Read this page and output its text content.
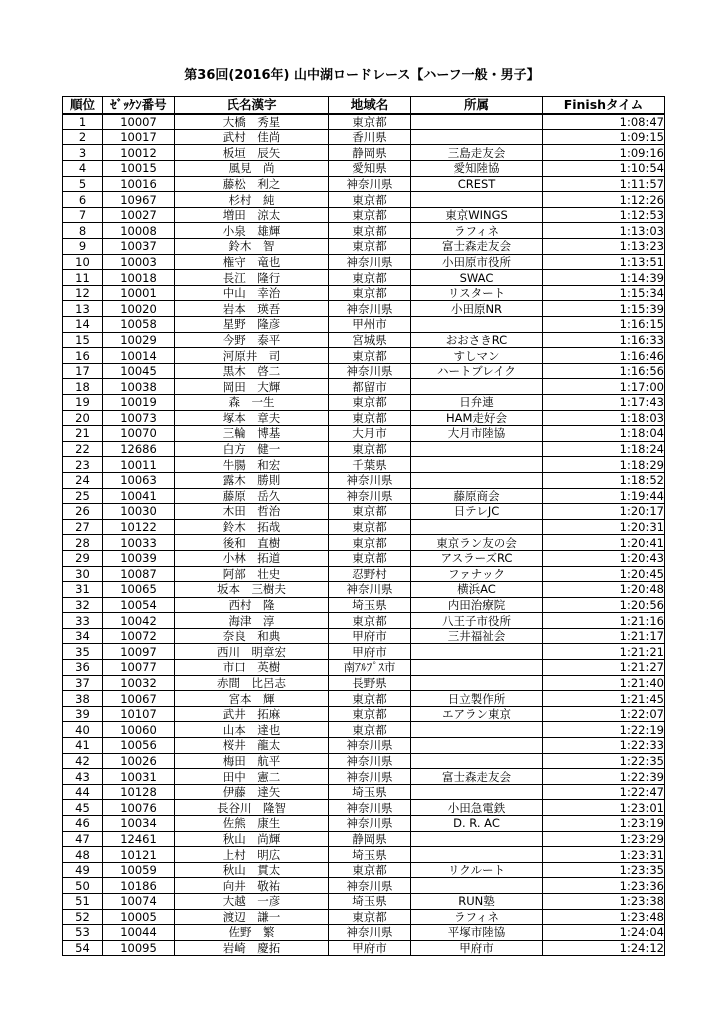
第36回(2016年) 山中湖ロードレース【ハーフ一般・男子】
順位	ｾﾞｯｹﾝ番号	氏名漢字	地域名	所属	Finishタイム
1	10007	大橋　秀星	東京都		1:08:47
2	10017	武村　佳尚	香川県		1:09:15
3	10012	板垣　辰矢	静岡県	三島走友会	1:09:16
4	10015	風見　尚	愛知県	愛知陸協	1:10:54
5	10016	藤松　利之	神奈川県	CREST	1:11:57
6	10967	杉村　純	東京都		1:12:26
7	10027	増田　涼太	東京都	東京WINGS	1:12:53
8	10008	小泉　雄輝	東京都	ラフィネ	1:13:03
9	10037	鈴木　智	東京都	富士森走友会	1:13:23
10	10003	権守　竜也	神奈川県	小田原市役所	1:13:51
11	10018	長江　隆行	東京都	SWAC	1:14:39
12	10001	中山　幸治	東京都	リスタート	1:15:34
13	10020	岩本　瑛吾	神奈川県	小田原NR	1:15:39
14	10058	星野　隆彦	甲州市		1:16:15
15	10029	今野　泰平	宮城県	おおさきRC	1:16:33
16	10014	河原井　司	東京都	すしマン	1:16:46
17	10045	黒木　啓二	神奈川県	ハートブレイク	1:16:56
18	10038	岡田　大輝	都留市		1:17:00
19	10019	森　一生	東京都	日弁連	1:17:43
20	10073	塚本　章夫	東京都	HAM走好会	1:18:03
21	10070	三輪　博基	大月市	大月市陸協	1:18:04
22	12686	白方　健一	東京都		1:18:24
23	10011	牛腸　和宏	千葉県		1:18:29
24	10063	露木　勝則	神奈川県		1:18:52
25	10041	藤原　岳久	神奈川県	藤原商会	1:19:44
26	10030	木田　哲治	東京都	日テレJC	1:20:17
27	10122	鈴木　拓哉	東京都		1:20:31
28	10033	後和　直樹	東京都	東京ラン友の会	1:20:41
29	10039	小林　拓道	東京都	アスラーズRC	1:20:43
30	10087	阿部　壮史	忍野村	ファナック	1:20:45
31	10065	坂本　三樹夫	神奈川県	横浜AC	1:20:48
32	10054	西村　隆	埼玉県	内田治療院	1:20:56
33	10042	海津　淳	東京都	八王子市役所	1:21:16
34	10072	奈良　和典	甲府市	三井福祉会	1:21:17
35	10097	西川　明章宏	甲府市		1:21:21
36	10077	市口　英樹	南ｱﾙﾌﾟｽ市		1:21:27
37	10032	赤間　比呂志	長野県		1:21:40
38	10067	宮本　輝	東京都	日立製作所	1:21:45
39	10107	武井　拓麻	東京都	エアラン東京	1:22:07
40	10060	山本　達也	東京都		1:22:19
41	10056	桜井　龍太	神奈川県		1:22:33
42	10026	梅田　航平	神奈川県		1:22:35
43	10031	田中　憲二	神奈川県	富士森走友会	1:22:39
44	10128	伊藤　達矢	埼玉県		1:22:47
45	10076	長谷川　隆智	神奈川県	小田急電鉄	1:23:01
46	10034	佐熊　康生	神奈川県	D. R. AC	1:23:19
47	12461	秋山　尚輝	静岡県		1:23:29
48	10121	上村　明広	埼玉県		1:23:31
49	10059	秋山　貫太	東京都	リクルート	1:23:35
50	10186	向井　敬祐	神奈川県		1:23:36
51	10074	大越　一彦	埼玉県	RUN塾	1:23:38
52	10005	渡辺　謙一	東京都	ラフィネ	1:23:48
53	10044	佐野　繁	神奈川県	平塚市陸協	1:24:04
54	10095	岩崎　慶拓	甲府市	甲府市	1:24:12
